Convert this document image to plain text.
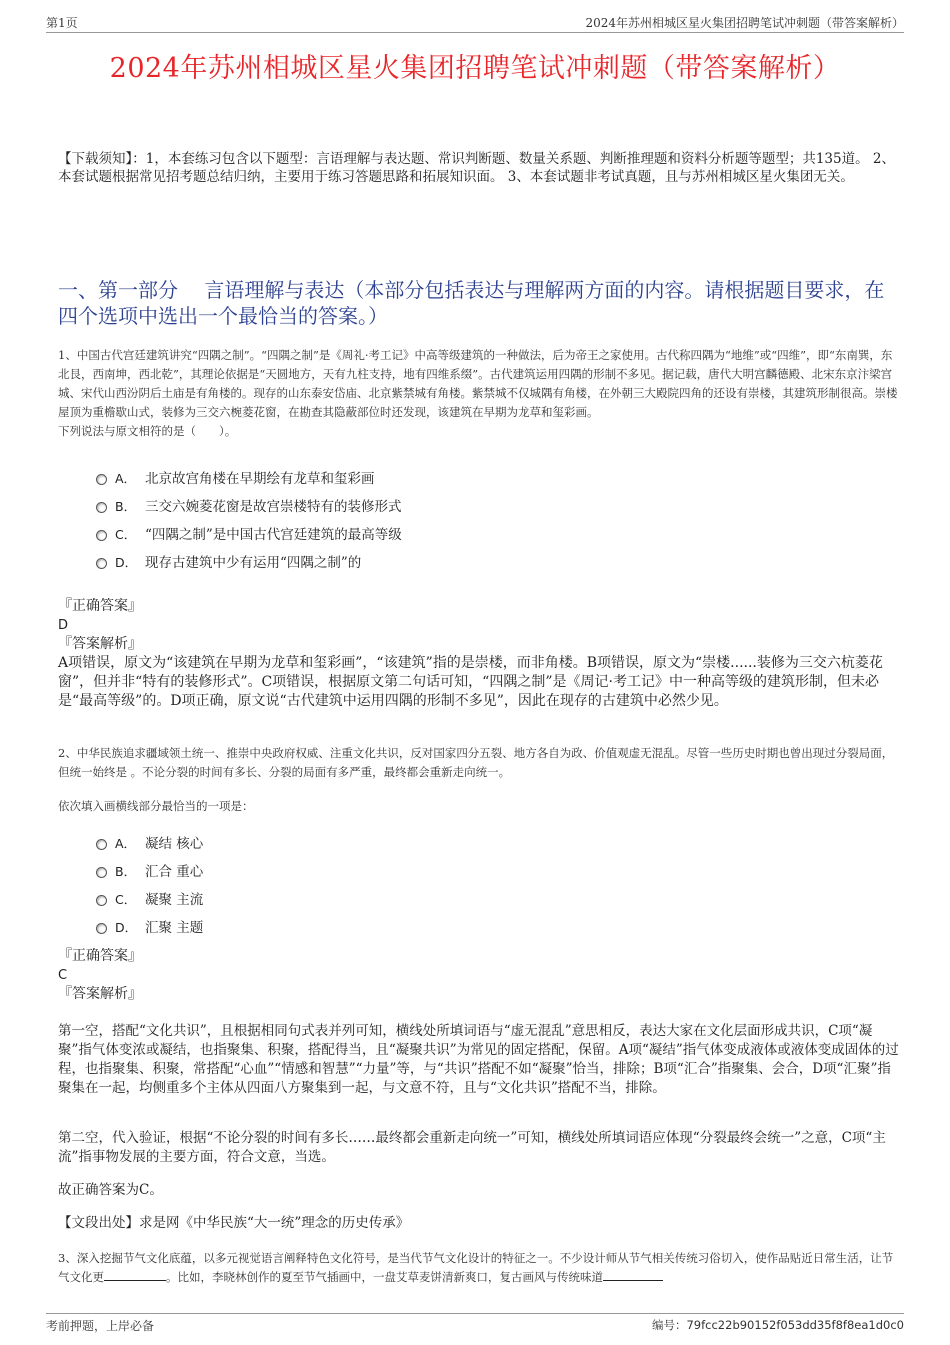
第1页	2024年苏州相城区星火集团招聘笔试冲刺题（带答案解析）
2024年苏州相城区星火集团招聘笔试冲刺题（带答案解析）
【下载须知】：1，本套练习包含以下题型：言语理解与表达题、常识判断题、数量关系题、判断推理题和资料分析题等题型；共135道。 2、本套试题根据常见招考题总结归纳，主要用于练习答题思路和拓展知识面。 3、本套试题非考试真题，且与苏州相城区星火集团无关。
一、第一部分　 言语理解与表达（本部分包括表达与理解两方面的内容。请根据题目要求，在四个选项中选出一个最恰当的答案。）
1、中国古代宫廷建筑讲究“四隅之制”。“四隅之制”是《周礼·考工记》中高等级建筑的一种做法，后为帝王之家使用。古代称四隅为“地维”或“四维”，即“东南巽，东北艮，西南坤，西北乾”，其理论依据是“天圆地方，天有九柱支持，地有四维系缀”。古代建筑运用四隅的形制不多见。据记载，唐代大明宫麟德殿、北宋东京汴梁宫城、宋代山西汾阴后土庙是有角楼的。现存的山东泰安岱庙、北京紫禁城有角楼。紫禁城不仅城隅有角楼，在外朝三大殿院四角的还设有崇楼，其建筑形制很高。崇楼屋顶为重檐歇山式，装修为三交六椀菱花窗，在勘查其隐蔽部位时还发现，该建筑在早期为龙草和玺彩画。
下列说法与原文相符的是（　　）。
A． 北京故宫角楼在早期绘有龙草和玺彩画
B． 三交六婉菱花窗是故宫崇楼特有的装修形式
C． “四隅之制”是中国古代宫廷建筑的最高等级
D． 现存古建筑中少有运用“四隅之制”的
『正确答案』
D
『答案解析』
A项错误，原文为“该建筑在早期为龙草和玺彩画”，“该建筑”指的是崇楼，而非角楼。B项错误，原文为“崇楼......装修为三交六杭菱花窗”，但并非“特有的装修形式”。C项错误，根据原文第二句话可知，“四隅之制”是《周记·考工记》中一种高等级的建筑形制，但未必是“最高等级”的。D项正确，原文说“古代建筑中运用四隅的形制不多见”，因此在现存的古建筑中必然少见。
2、中华民族追求疆域领土统一、推崇中央政府权威、注重文化共识，反对国家四分五裂、地方各自为政、价值观虚无混乱。尽管一些历史时期也曾出现过分裂局面，但统一始终是 。不论分裂的时间有多长、分裂的局面有多严重，最终都会重新走向统一。
依次填入画横线部分最恰当的一项是：
A． 凝结 核心
B． 汇合 重心
C． 凝聚 主流
D． 汇聚 主题
『正确答案』
C
『答案解析』
第一空，搭配“文化共识”，且根据相同句式表并列可知，横线处所填词语与“虚无混乱”意思相反，表达大家在文化层面形成共识，C项“凝聚”指气体变浓或凝结，也指聚集、积聚，搭配得当，且“凝聚共识”为常见的固定搭配，保留。A项“凝结”指气体变成液体或液体变成固体的过程，也指聚集、积聚，常搭配“心血”“情感和智慧”“力量”等，与“共识”搭配不如“凝聚”恰当，排除；B项“汇合”指聚集、会合，D项“汇聚”指聚集在一起，均侧重多个主体从四面八方聚集到一起，与文意不符，且与“文化共识”搭配不当，排除。
第二空，代入验证，根据“不论分裂的时间有多长……最终都会重新走向统一”可知，横线处所填词语应体现“分裂最终会统一”之意，C项“主流”指事物发展的主要方面，符合文意，当选。
故正确答案为C。
【文段出处】求是网《中华民族“大一统”理念的历史传承》
3、深入挖掘节气文化底蕴，以多元视觉语言阐释特色文化符号，是当代节气文化设计的特征之一。不少设计师从节气相关传统习俗切入，使作品贴近日常生活，让节气文化更	。比如，李晓林创作的夏至节气插画中，一盘艾草麦饼清新爽口，复古画风与传统味道
考前押题，上岸必备	编号：79fcc22b90152f053dd35f8f8ea1d0c0
